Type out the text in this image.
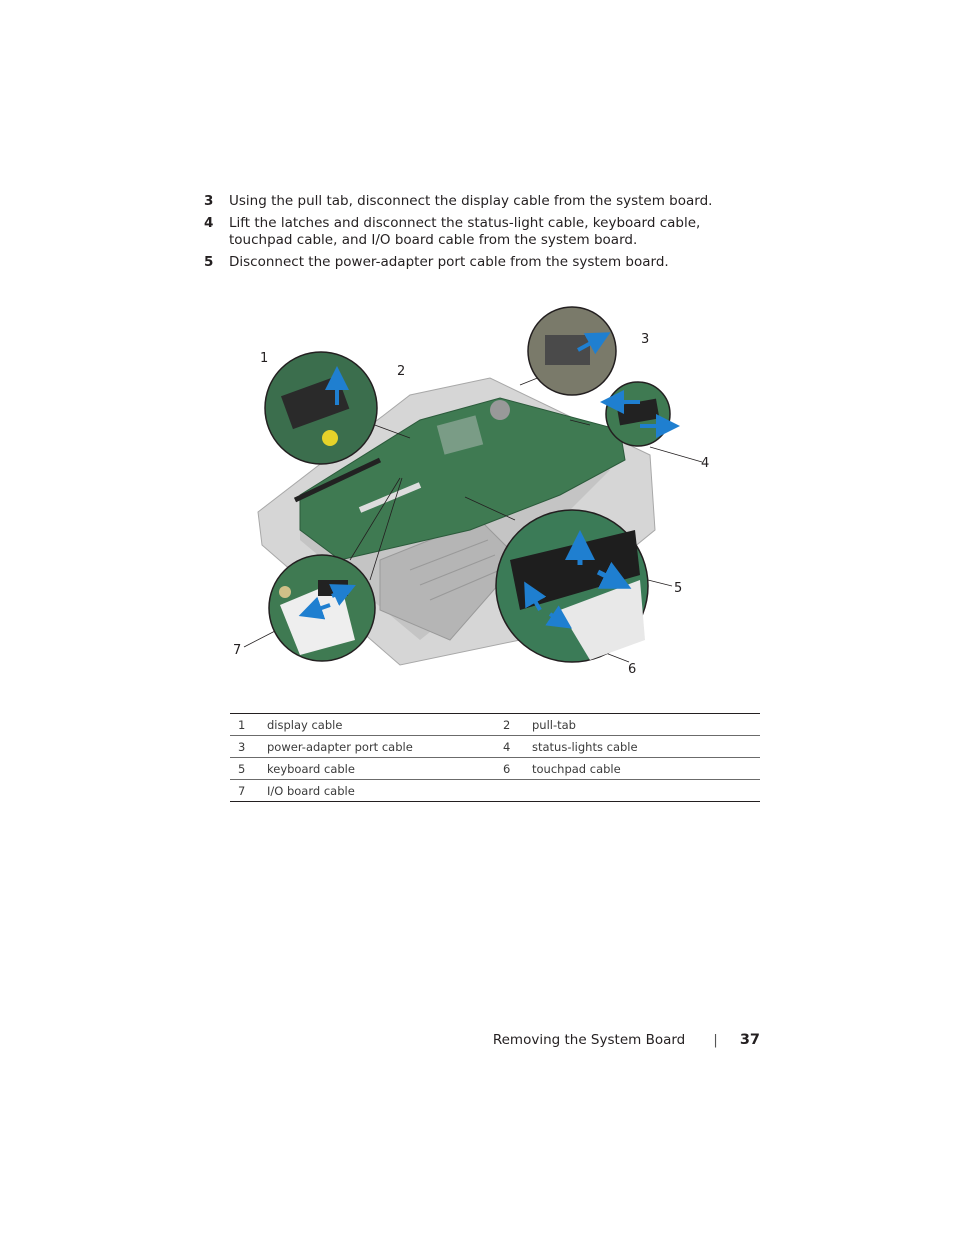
3 Using the pull tab, disconnect the display cable from the system board.
4 Lift the latches and disconnect the status-light cable, keyboard cable, touchpad cable, and I/O board cable from the system board.
5 Disconnect the power-adapter port cable from the system board.
1
2
3
4
5
6
7
1	display cable	2	pull-tab
3	power-adapter port cable	4	status-lights cable
5	keyboard cable	6	touchpad cable
7	I/O board cable		
Removing the System Board | 37
